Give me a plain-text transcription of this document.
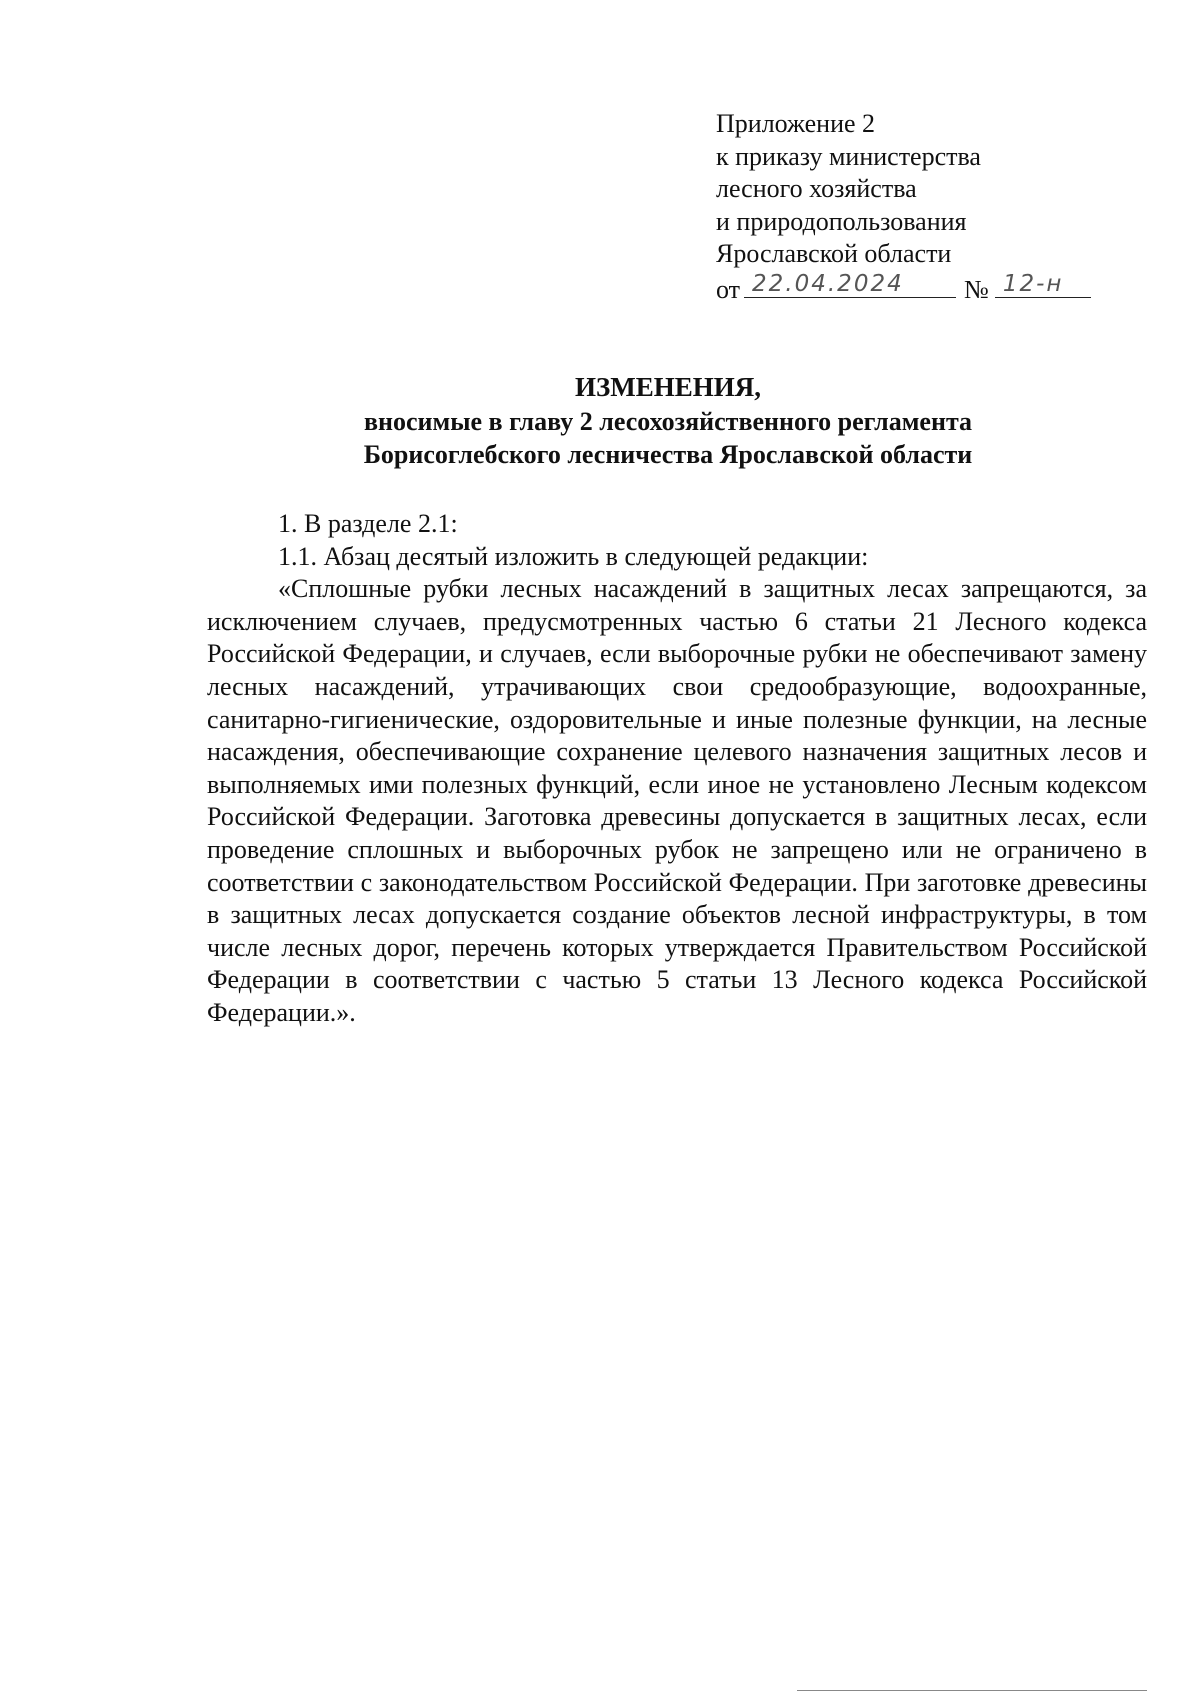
Приложение 2
к приказу министерства
лесного хозяйства
и природопользования
Ярославской области
от 22.04.2024 № 12-н
ИЗМЕНЕНИЯ,
вносимые в главу 2 лесохозяйственного регламента
Борисоглебского лесничества Ярославской области

1. В разделе 2.1:

1.1. Абзац десятый изложить в следующей редакции:

«Сплошные рубки лесных насаждений в защитных лесах запрещаются, за исключением случаев, предусмотренных частью 6 статьи 21 Лесного кодекса Российской Федерации, и случаев, если выборочные рубки не обеспечивают замену лесных насаждений, утрачивающих свои средообразующие, водоохранные, санитарно-гигиенические, оздоровительные и иные полезные функции, на лесные насаждения, обеспечивающие сохранение целевого назначения защитных лесов и выполняемых ими полезных функций, если иное не установлено Лесным кодексом Российской Федерации. Заготовка древесины допускается в защитных лесах, если проведение сплошных и выборочных рубок не запрещено или не ограничено в соответствии с законодательством Российской Федерации. При заготовке древесины в защитных лесах допускается создание объектов лесной инфраструктуры, в том числе лесных дорог, перечень которых утверждается Правительством Российской Федерации в соответствии с частью 5 статьи 13 Лесного кодекса Российской Федерации.».
